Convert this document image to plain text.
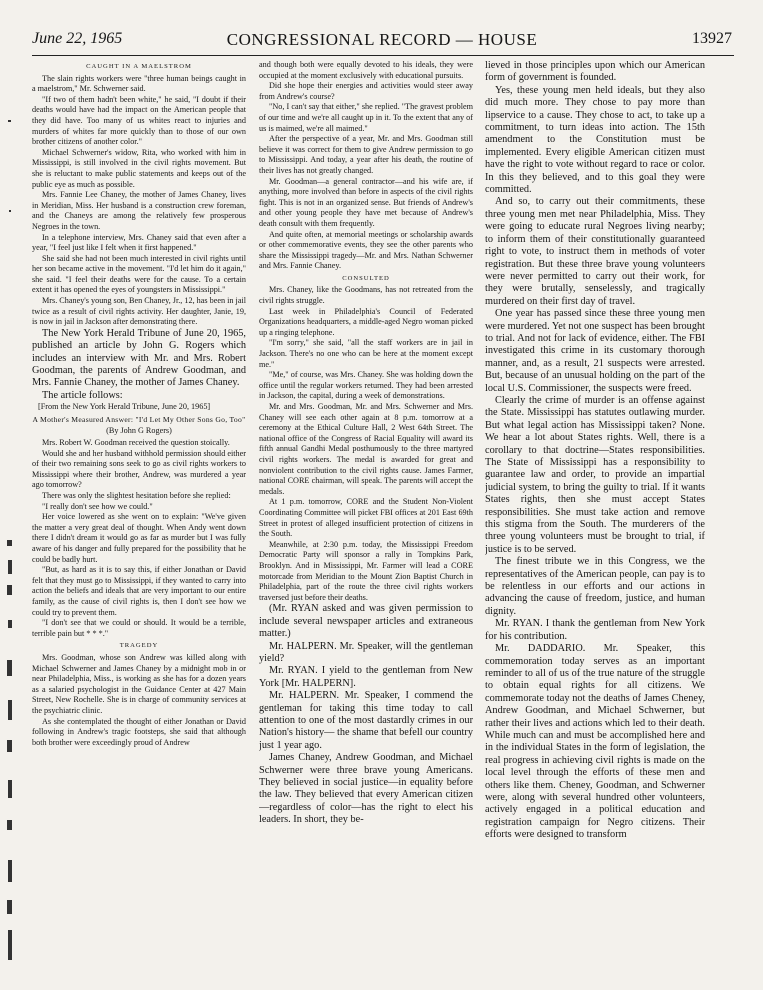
June 22, 1965	CONGRESSIONAL RECORD — HOUSE	13927
CAUGHT IN A MAELSTROM

The slain rights workers were "three human beings caught in a maelstrom," Mr. Schwerner said.

"If two of them hadn't been white," he said, "I doubt if their deaths would have had the impact on the American people that they did have. Too many of us whites react to injuries and murders of whites far more quickly than to those of our own brother citizens of another color."

Michael Schwerner's widow, Rita, who worked with him in Mississippi, is still involved in the civil rights movement. But she is reluctant to make public statements and keeps out of the public eye as much as possible.

Mrs. Fannie Lee Chaney, the mother of James Chaney, lives in Meridian, Miss. Her husband is a construction crew foreman, and the Chaneys are among the relatively few prosperous Negroes in the town.

In a telephone interview, Mrs. Chaney said that even after a year, "I feel just like I felt when it first happened."

She said she had not been much interested in civil rights until her son became active in the movement. "I'd let him do it again," she said. "I feel their deaths were for the cause. To a certain extent it has opened the eyes of youngsters in Mississippi."

Mrs. Chaney's young son, Ben Chaney, Jr., 12, has been in jail twice as a result of civil rights activity. Her daughter, Janie, 19, is now in jail in Jackson after demonstrating there.

The New York Herald Tribune of June 20, 1965, published an article by John G. Rogers which includes an interview with Mr. and Mrs. Robert Goodman, the parents of Andrew Goodman, and Mrs. Fannie Chaney, the mother of James Chaney.

The article follows:

[From the New York Herald Tribune, June 20, 1965]

A Mother's Measured Answer: "I'd Let My Other Sons Go, Too"
(By John G Rogers)

Mrs. Robert W. Goodman received the question stoically.

Would she and her husband withhold permission should either of their two remaining sons seek to go as civil rights workers to Mississippi where their brother, Andrew, was murdered a year ago tomorrow?

There was only the slightest hesitation before she replied:

"I really don't see how we could."

Her voice lowered as she went on to explain: "We've given the matter a very great deal of thought. When Andy went down there I didn't dream it would go as far as murder but I was fully aware of his danger and fully prepared for the possibility that he could be badly hurt.

"But, as hard as it is to say this, if either Jonathan or David felt that they must go to Mississippi, if they wanted to carry into action the beliefs and ideals that are very important to our entire family, as the cause of civil rights is, then I don't see how we could try to prevent them.

"I don't see that we could or should. It would be a terrible, terrible pain but * * *."

TRAGEDY

Mrs. Goodman, whose son Andrew was killed along with Michael Schwerner and James Chaney by a midnight mob in or near Philadelphia, Miss., is working as she has for a dozen years as a salaried psychologist in the Guidance Center at 427 Main Street, New Rochelle. She is in charge of community services at the psychiatric clinic.

As she contemplated the thought of either Jonathan or David following in Andrew's tragic footsteps, she said that although both brother were exceedingly proud of Andrew

and though both were equally devoted to his ideals, they were occupied at the moment exclusively with educational pursuits.

Did she hope their energies and activities would steer away from Andrew's course?

"No, I can't say that either," she replied. "The gravest problem of our time and we're all caught up in it. To the extent that any of us is maimed, we're all maimed."

After the perspective of a year, Mr. and Mrs. Goodman still believe it was correct for them to give Andrew permission to go to Mississippi. And today, a year after his death, the routine of their lives has not greatly changed.

Mr. Goodman—a general contractor—and his wife are, if anything, more involved than before in aspects of the civil rights fight. This is not in an organized sense. But friends of Andrew's and other young people they have met because of Andrew's death consult with them frequently.

And quite often, at memorial meetings or scholarship awards or other commemorative events, they see the other parents who share the Mississippi tragedy—Mr. and Mrs. Nathan Schwerner and Mrs. Fannie Chaney.

CONSULTED

Mrs. Chaney, like the Goodmans, has not retreated from the civil rights struggle.

Last week in Philadelphia's Council of Federated Organizations headquarters, a middle-aged Negro woman picked up a ringing telephone.

"I'm sorry," she said, "all the staff workers are in jail in Jackson. There's no one who can be here at the moment except me."

"Me," of course, was Mrs. Chaney. She was holding down the office until the regular workers returned. They had been arrested in Jackson, the capital, during a week of demonstrations.

Mr. and Mrs. Goodman, Mr. and Mrs. Schwerner and Mrs. Chaney will see each other again at 8 p.m. tomorrow at a ceremony at the Ethical Culture Hall, 2 West 64th Street. The national office of the Congress of Racial Equality will award its fifth annual Gandhi Medal posthumously to the three martyred civil rights workers. The medal is awarded for great and nonviolent contribution to the civil rights cause. James Farmer, national CORE chairman, will speak. The parents will accept the medals.

At 1 p.m. tomorrow, CORE and the Student Non-Violent Coordinating Committee will picket FBI offices at 201 East 69th Street in protest of alleged insufficient protection of citizens in the South.

Meanwhile, at 2:30 p.m. today, the Mississippi Freedom Democratic Party will sponsor a rally in Tompkins Park, Brooklyn. And in Mississippi, Mr. Farmer will lead a CORE motorcade from Meridian to the Mount Zion Baptist Church in Philadelphia, part of the route the three civil rights workers traversed just before their deaths.

(Mr. RYAN asked and was given permission to include several newspaper articles and extraneous matter.)

Mr. HALPERN. Mr. Speaker, will the gentleman yield?

Mr. RYAN. I yield to the gentleman from New York [Mr. HALPERN].

Mr. HALPERN. Mr. Speaker, I commend the gentleman for taking this time today to call attention to one of the most dastardly crimes in our Nation's history— the shame that befell our country just 1 year ago.

James Chaney, Andrew Goodman, and Michael Schwerner were three brave young Americans. They believed in social justice—in equality before the law. They believed that every American citizen—regardless of color—has the right to elect his leaders. In short, they be-

lieved in those principles upon which our American form of government is founded.

Yes, these young men held ideals, but they also did much more. They chose to pay more than lipservice to a cause. They chose to act, to take up a commitment, to turn ideas into action. The 15th amendment to the Constitution must be implemented. Every eligible American citizen must have the right to vote without regard to race or color. In this they believed, and to this goal they were committed.

And so, to carry out their commitments, these three young men met near Philadelphia, Miss. They were going to educate rural Negroes living nearby; to inform them of their constitutionally guaranteed right to vote, to instruct them in methods of voter registration. But these three brave young volunteers were never permitted to carry out their work, for they were brutally, senselessly, and tragically murdered on their first day of travel.

One year has passed since these three young men were murdered. Yet not one suspect has been brought to trial. And not for lack of evidence, either. The FBI investigated this crime in its customary thorough manner, and, as a result, 21 suspects were arrested. But, because of an unusual holding on the part of the local U.S. Commissioner, the suspects were freed.

Clearly the crime of murder is an offense against the State. Mississippi has statutes outlawing murder. But what legal action has Mississippi taken? None. We hear a lot about States rights. Well, there is a corollary to that doctrine—States responsibilities. The State of Mississippi has a responsibility to guarantee law and order, to provide an impartial judicial system, to bring the guilty to trial. If it wants States rights, then she must accept States responsibilities. She must take action and remove this stigma from the South. The murderers of the three young volunteers must be brought to trial, if justice is to be served.

The finest tribute we in this Congress, we the representatives of the American people, can pay is to be relentless in our efforts and our actions in advancing the cause of freedom, justice, and human dignity.

Mr. RYAN. I thank the gentleman from New York for his contribution.

Mr. DADDARIO. Mr. Speaker, this commemoration today serves as an important reminder to all of us of the true nature of the struggle to obtain equal rights for all citizens. We commemorate today not the deaths of James Cheney, Andrew Goodman, and Michael Schwerner, but rather their lives and actions which led to their death. While much can and must be accomplished here and in the individual States in the form of legislation, the real progress in achieving civil rights is made on the local level through the efforts of these men and others like them. Cheney, Goodman, and Schwerner were, along with several hundred other volunteers, actively engaged in a political education and registration campaign for Negro citizens. Their efforts were designed to transform
